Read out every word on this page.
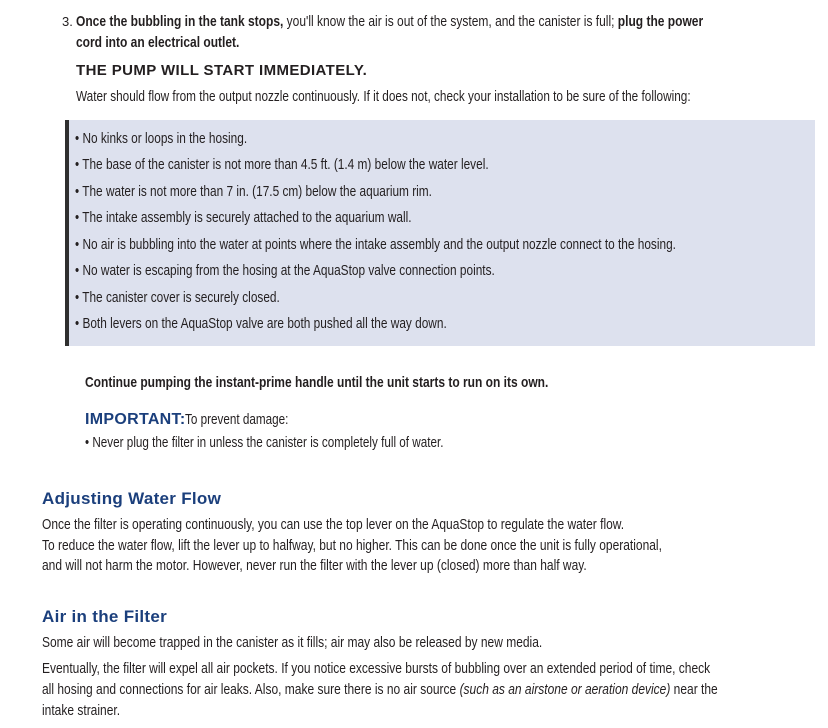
3. Once the bubbling in the tank stops, you'll know the air is out of the system, and the canister is full; plug the power
cord into an electrical outlet.
THE PUMP WILL START IMMEDIATELY.
Water should flow from the output nozzle continuously. If it does not, check your installation to be sure of the following:
• No kinks or loops in the hosing.
• The base of the canister is not more than 4.5 ft. (1.4 m) below the water level.
• The water is not more than 7 in. (17.5 cm) below the aquarium rim.
• The intake assembly is securely attached to the aquarium wall.
• No air is bubbling into the water at points where the intake assembly and the output nozzle connect to the hosing.
• No water is escaping from the hosing at the AquaStop valve connection points.
• The canister cover is securely closed.
• Both levers on the AquaStop valve are both pushed all the way down.
Continue pumping the instant-prime handle until the unit starts to run on its own.
IMPORTANT:To prevent damage:
• Never plug the filter in unless the canister is completely full of water.
Adjusting Water Flow
Once the filter is operating continuously, you can use the top lever on the AquaStop to regulate the water flow.
To reduce the water flow, lift the lever up to halfway, but no higher. This can be done once the unit is fully operational,
and will not harm the motor. However, never run the filter with the lever up (closed) more than half way.
Air in the Filter
Some air will become trapped in the canister as it fills; air may also be released by new media.
Eventually, the filter will expel all air pockets. If you notice excessive bursts of bubbling over an extended period of time, check
all hosing and connections for air leaks. Also, make sure there is no air source (such as an airstone or aeration device) near the
intake strainer.
